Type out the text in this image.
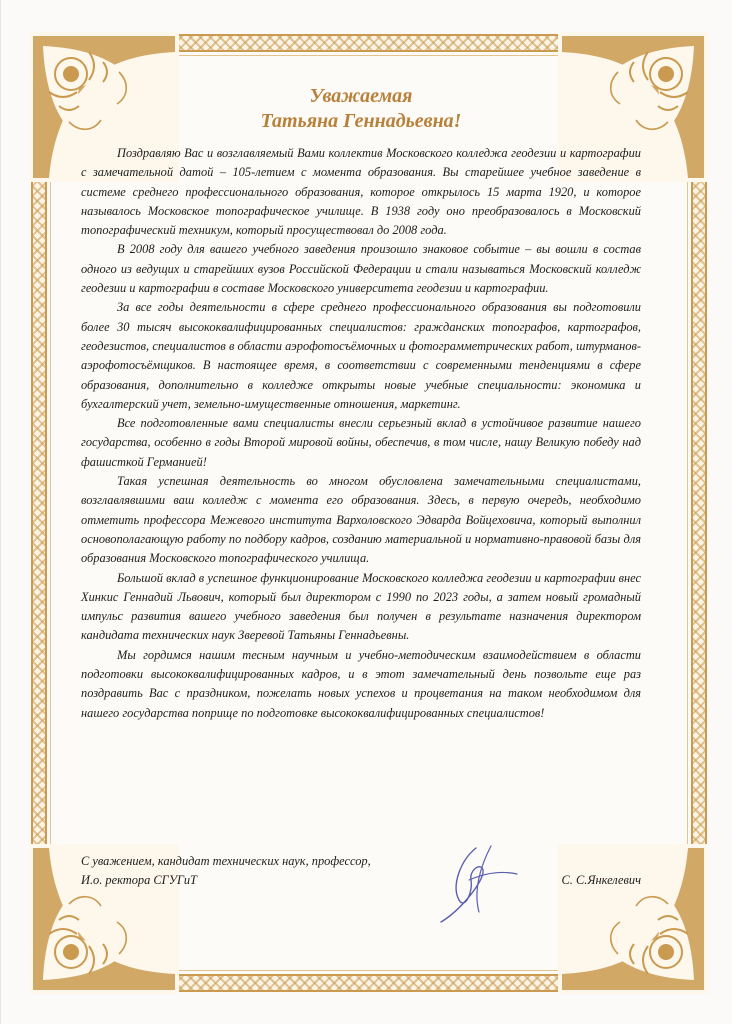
Уважаемая
Татьяна Геннадьевна!

Поздравляю Вас и возглавляемый Вами коллектив Московского колледжа геодезии и картографии с замечательной датой – 105-летием с момента образования. Вы старейшее учебное заведение в системе среднего профессионального образования, которое открылось 15 марта 1920, и которое называлось Московское топографическое училище. В 1938 году оно преобразовалось в Московский топографический техникум, который просуществовал до 2008 года.

В 2008 году для вашего учебного заведения произошло знаковое событие – вы вошли в состав одного из ведущих и старейших вузов Российской Федерации и стали называться Московский колледж геодезии и картографии в составе Московского университета геодезии и картографии.

За все годы деятельности в сфере среднего профессионального образования вы подготовили более 30 тысяч высококвалифицированных специалистов: гражданских топографов, картографов, геодезистов, специалистов в области аэрофотосъёмочных и фотограмметрических работ, штурманов-аэрофотосъёмщиков. В настоящее время, в соответствии с современными тенденциями в сфере образования, дополнительно в колледже открыты новые учебные специальности: экономика и бухгалтерский учет, земельно-имущественные отношения, маркетинг.

Все подготовленные вами специалисты внесли серьезный вклад в устойчивое развитие нашего государства, особенно в годы Второй мировой войны, обеспечив, в том числе, нашу Великую победу над фашисткой Германией!

Такая успешная деятельность во многом обусловлена замечательными специалистами, возглавлявшими ваш колледж с момента его образования. Здесь, в первую очередь, необходимо отметить профессора Межевого института Вархоловского Эдварда Войцеховича, который выполнил основополагающую работу по подбору кадров, созданию материальной и нормативно-правовой базы для образования Московского топографического училища.

Большой вклад в успешное функционирование Московского колледжа геодезии и картографии внес Хинкис Геннадий Львович, который был директором с 1990 по 2023 годы, а затем новый громадный импульс развития вашего учебного заведения был получен в результате назначения директором кандидата технических наук Зверевой Татьяны Геннадьевны.

Мы гордимся нашим тесным научным и учебно-методическим взаимодействием в области подготовки высококвалифицированных кадров, и в этот замечательный день позвольте еще раз поздравить Вас с праздником, пожелать новых успехов и процветания на таком необходимом для нашего государства поприще по подготовке высококвалифицированных специалистов!

С уважением, кандидат технических наук, профессор,
И.о. ректора СГУГиТ	С. С.Янкелевич
